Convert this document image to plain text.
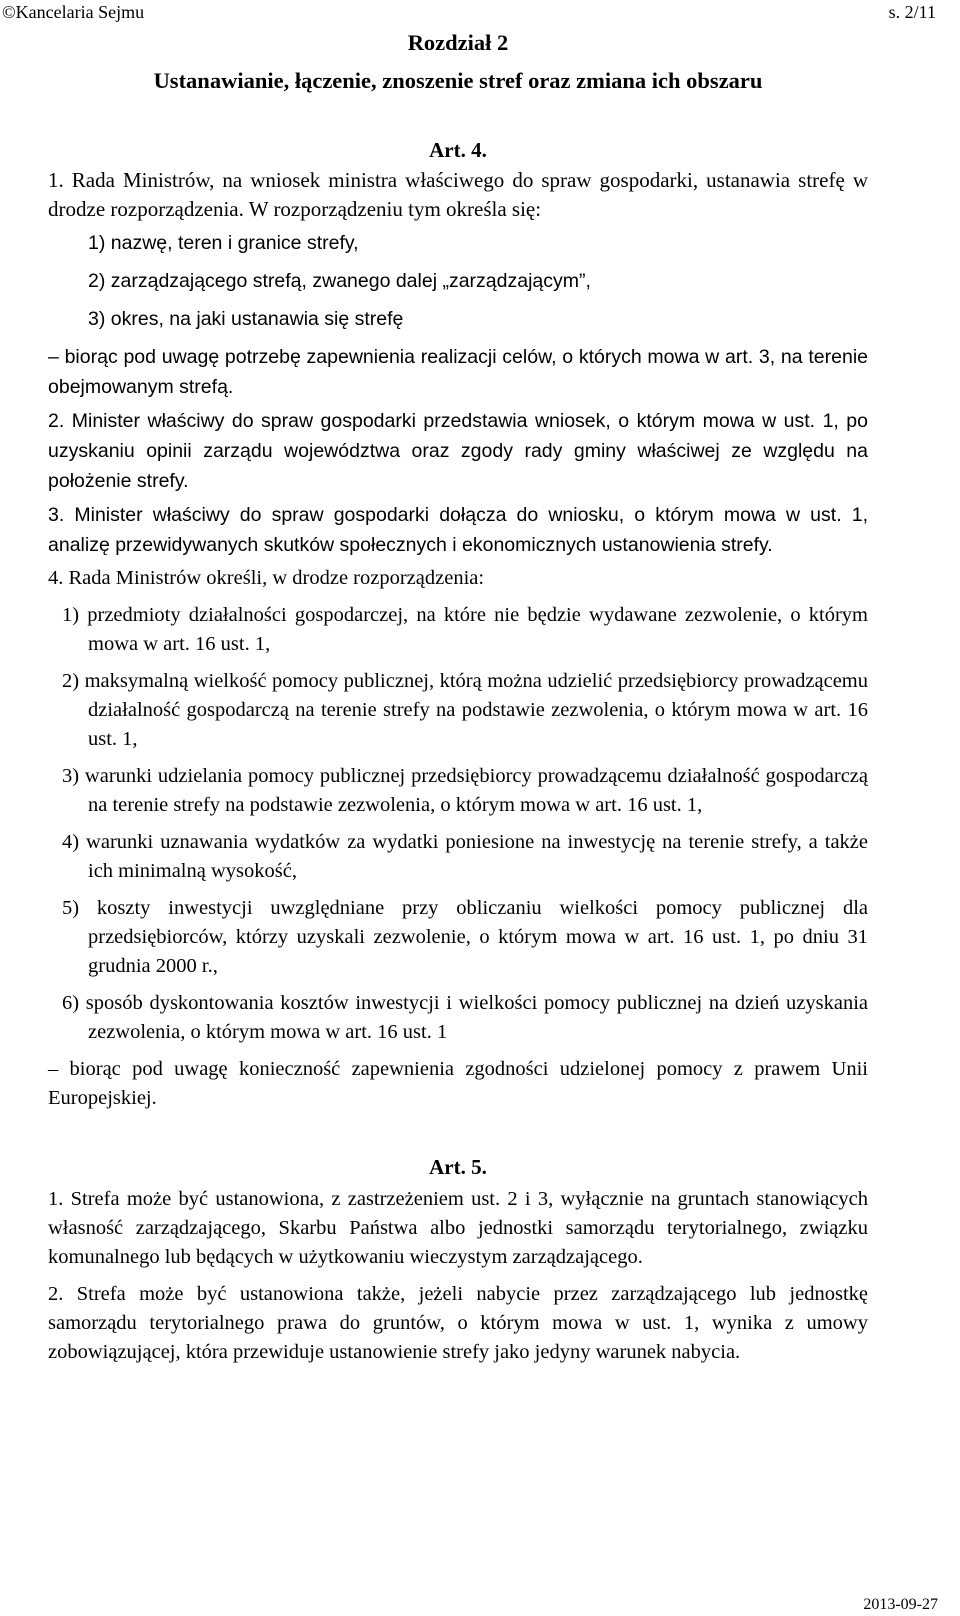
©Kancelaria Sejmu	s. 2/11
Rozdział 2
Ustanawianie, łączenie, znoszenie stref oraz zmiana ich obszaru
Art. 4.

1. Rada Ministrów, na wniosek ministra właściwego do spraw gospodarki, ustanawia strefę w drodze rozporządzenia. W rozporządzeniu tym określa się:

1) nazwę, teren i granice strefy,

2) zarządzającego strefą, zwanego dalej „zarządzającym”,

3) okres, na jaki ustanawia się strefę

– biorąc pod uwagę potrzebę zapewnienia realizacji celów, o których mowa w art. 3, na terenie obejmowanym strefą.

2. Minister właściwy do spraw gospodarki przedstawia wniosek, o którym mowa w ust. 1, po uzyskaniu opinii zarządu województwa oraz zgody rady gminy właściwej ze względu na położenie strefy.

3. Minister właściwy do spraw gospodarki dołącza do wniosku, o którym mowa w ust. 1, analizę przewidywanych skutków społecznych i ekonomicznych ustanowienia strefy.

4. Rada Ministrów określi, w drodze rozporządzenia:

1) przedmioty działalności gospodarczej, na które nie będzie wydawane zezwolenie, o którym mowa w art. 16 ust. 1,

2) maksymalną wielkość pomocy publicznej, którą można udzielić przedsiębiorcy prowadzącemu działalność gospodarczą na terenie strefy na podstawie zezwolenia, o którym mowa w art. 16 ust. 1,

3) warunki udzielania pomocy publicznej przedsiębiorcy prowadzącemu działalność gospodarczą na terenie strefy na podstawie zezwolenia, o którym mowa w art. 16 ust. 1,

4) warunki uznawania wydatków za wydatki poniesione na inwestycję na terenie strefy, a także ich minimalną wysokość,

5) koszty inwestycji uwzględniane przy obliczaniu wielkości pomocy publicznej dla przedsiębiorców, którzy uzyskali zezwolenie, o którym mowa w art. 16 ust. 1, po dniu 31 grudnia 2000 r.,

6) sposób dyskontowania kosztów inwestycji i wielkości pomocy publicznej na dzień uzyskania zezwolenia, o którym mowa w art. 16 ust. 1

– biorąc pod uwagę konieczność zapewnienia zgodności udzielonej pomocy z prawem Unii Europejskiej.

Art. 5.

1. Strefa może być ustanowiona, z zastrzeżeniem ust. 2 i 3, wyłącznie na gruntach stanowiących własność zarządzającego, Skarbu Państwa albo jednostki samorządu terytorialnego, związku komunalnego lub będących w użytkowaniu wieczystym zarządzającego.

2. Strefa może być ustanowiona także, jeżeli nabycie przez zarządzającego lub jednostkę samorządu terytorialnego prawa do gruntów, o którym mowa w ust. 1, wynika z umowy zobowiązującej, która przewiduje ustanowienie strefy jako jedyny warunek nabycia.

2013-09-27
